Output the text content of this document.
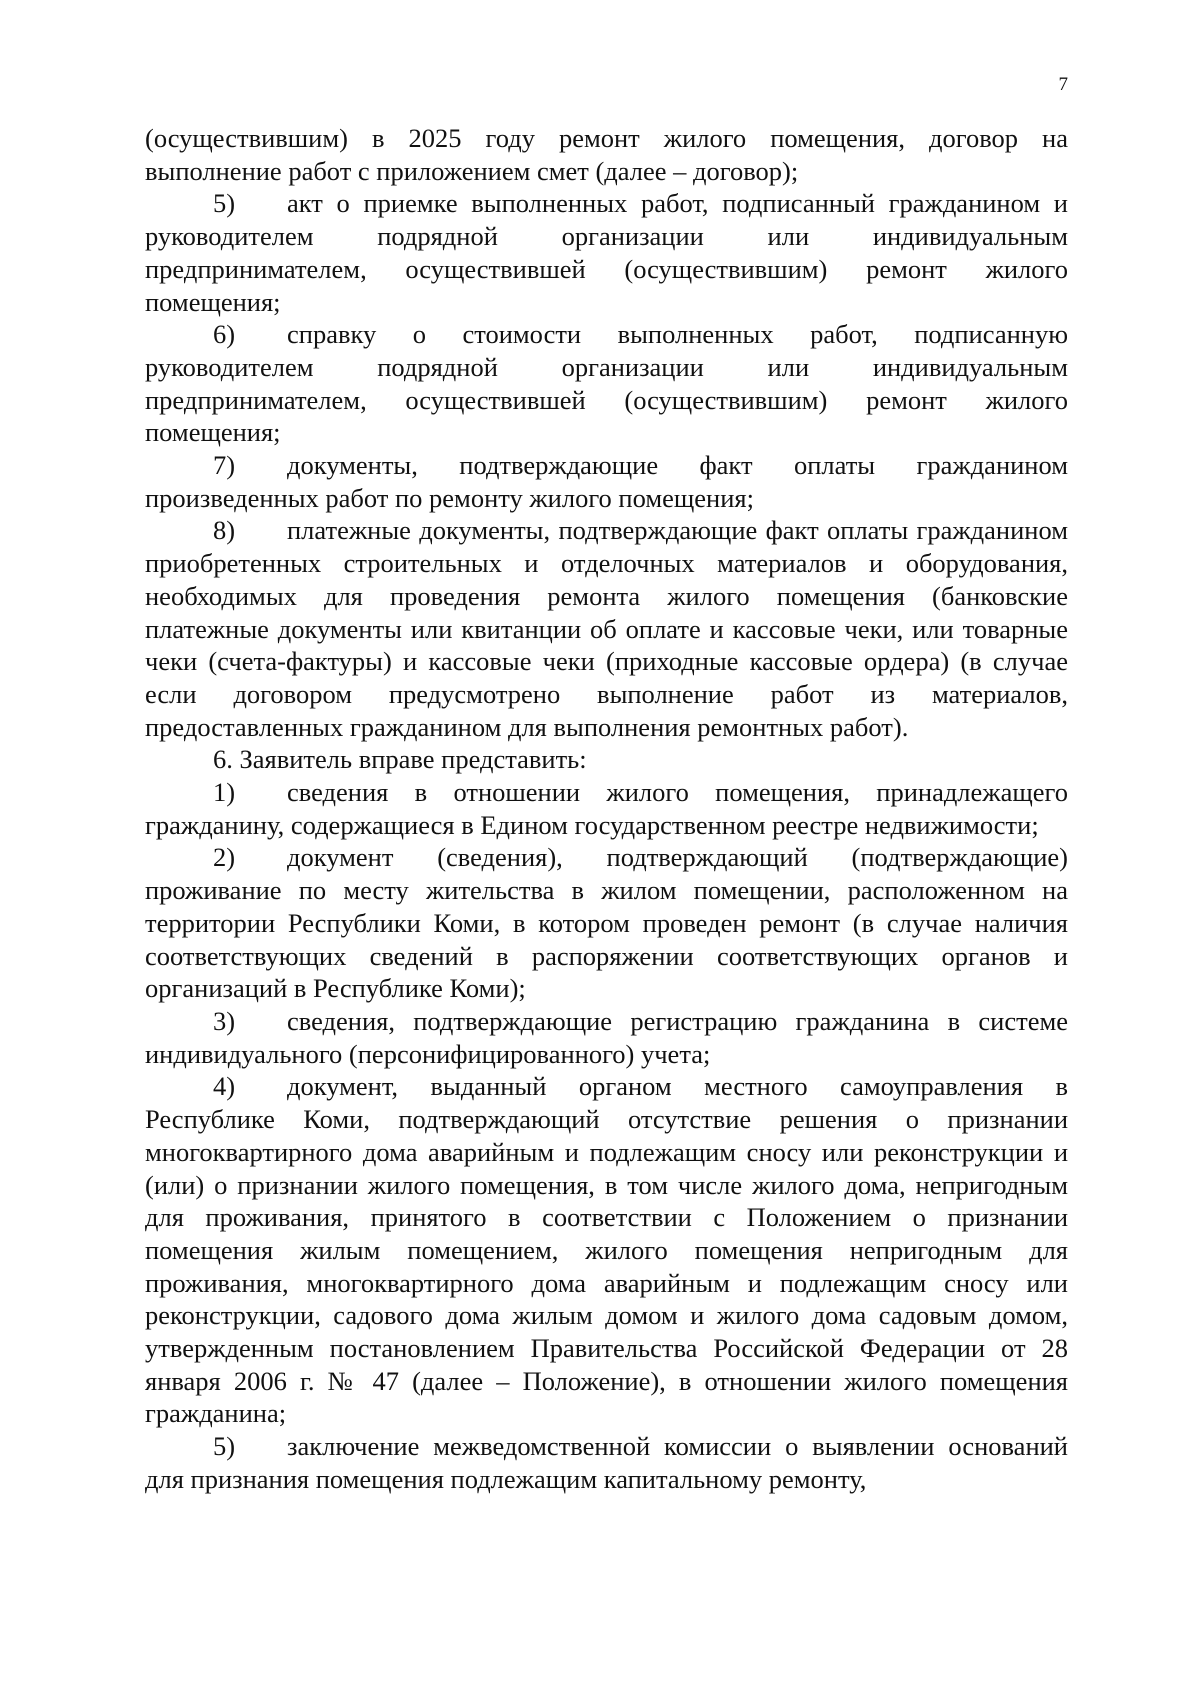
7

(осуществившим) в 2025 году ремонт жилого помещения, договор на выполнение работ с приложением смет (далее – договор);

5) акт о приемке выполненных работ, подписанный гражданином и руководителем подрядной организации или индивидуальным предпринимателем, осуществившей (осуществившим) ремонт жилого помещения;

6) справку о стоимости выполненных работ, подписанную руководителем подрядной организации или индивидуальным предпринимателем, осуществившей (осуществившим) ремонт жилого помещения;

7) документы, подтверждающие факт оплаты гражданином произведенных работ по ремонту жилого помещения;

8) платежные документы, подтверждающие факт оплаты гражданином приобретенных строительных и отделочных материалов и оборудования, необходимых для проведения ремонта жилого помещения (банковские платежные документы или квитанции об оплате и кассовые чеки, или товарные чеки (счета-фактуры) и кассовые чеки (приходные кассовые ордера) (в случае если договором предусмотрено выполнение работ из материалов, предоставленных гражданином для выполнения ремонтных работ).

6. Заявитель вправе представить:

1) сведения в отношении жилого помещения, принадлежащего гражданину, содержащиеся в Едином государственном реестре недвижимости;

2) документ (сведения), подтверждающий (подтверждающие) проживание по месту жительства в жилом помещении, расположенном на территории Республики Коми, в котором проведен ремонт (в случае наличия соответствующих сведений в распоряжении соответствующих органов и организаций в Республике Коми);

3) сведения, подтверждающие регистрацию гражданина в системе индивидуального (персонифицированного) учета;

4) документ, выданный органом местного самоуправления в Республике Коми, подтверждающий отсутствие решения о признании многоквартирного дома аварийным и подлежащим сносу или реконструкции и (или) о признании жилого помещения, в том числе жилого дома, непригодным для проживания, принятого в соответствии с Положением о признании помещения жилым помещением, жилого помещения непригодным для проживания, многоквартирного дома аварийным и подлежащим сносу или реконструкции, садового дома жилым домом и жилого дома садовым домом, утвержденным постановлением Правительства Российской Федерации от 28 января 2006 г. № 47 (далее – Положение), в отношении жилого помещения гражданина;

5) заключение межведомственной комиссии о выявлении оснований для признания помещения подлежащим капитальному ремонту,
